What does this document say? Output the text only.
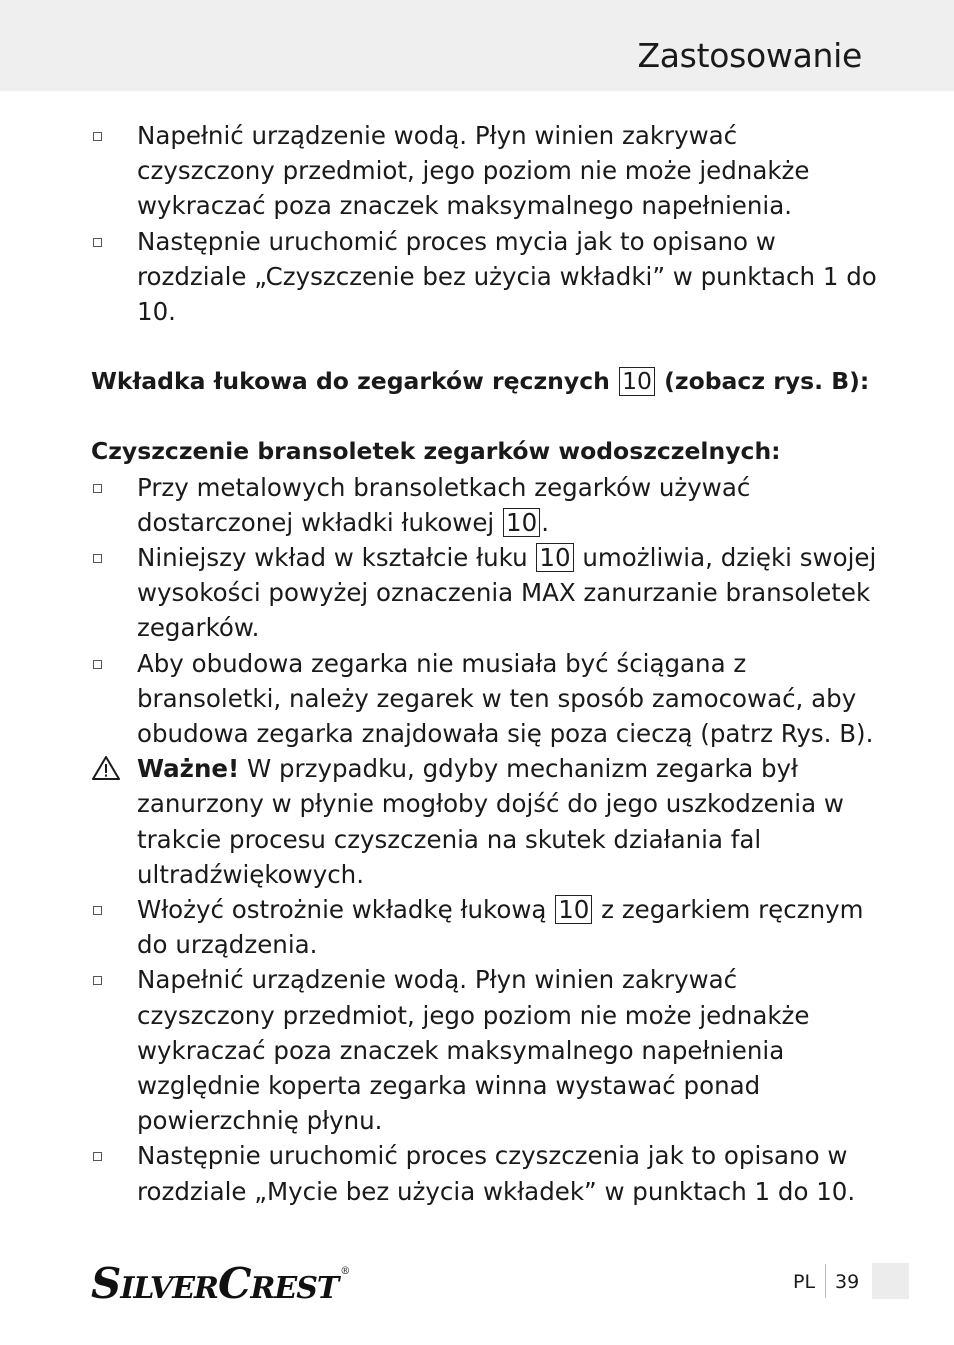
Zastosowanie
Napełnić urządzenie wodą. Płyn winien zakrywać czyszczony przedmiot, jego poziom nie może jednakże wykraczać poza znaczek maksymalnego napełnienia.
Następnie uruchomić proces mycia jak to opisano w rozdziale „Czyszczenie bez użycia wkładki” w punktach 1 do 10.
Wkładka łukowa do zegarków ręcznych 10 (zobacz rys. B):
Czyszczenie bransoletek zegarków wodoszczelnych:
Przy metalowych bransoletkach zegarków używać dostarczonej wkładki łukowej 10 .
Niniejszy wkład w kształcie łuku 10 umożliwia, dzięki swojej wysokości powyżej oznaczenia MAX zanurzanie bransoletek zegarków.
Aby obudowa zegarka nie musiała być ściągana z bransoletki, należy zegarek w ten sposób zamocować, aby obudowa zegarka znajdowała się poza cieczą (patrz Rys. B).
Ważne! W przypadku, gdyby mechanizm zegarka był zanurzony w płynie mogłoby dojść do jego uszkodzenia w trakcie procesu czyszczenia na skutek działania fal ultradźwiękowych.
Włożyć ostrożnie wkładkę łukową 10 z zegarkiem ręcznym do urządzenia.
Napełnić urządzenie wodą. Płyn winien zakrywać czyszczony przedmiot, jego poziom nie może jednakże wykraczać poza znaczek maksymalnego napełnienia względnie koperta zegarka winna wystawać ponad powierzchnię płynu.
Następnie uruchomić proces czyszczenia jak to opisano w rozdziale „Mycie bez użycia wkładek” w punktach 1 do 10.
SILVERCREST ®	PL 39
